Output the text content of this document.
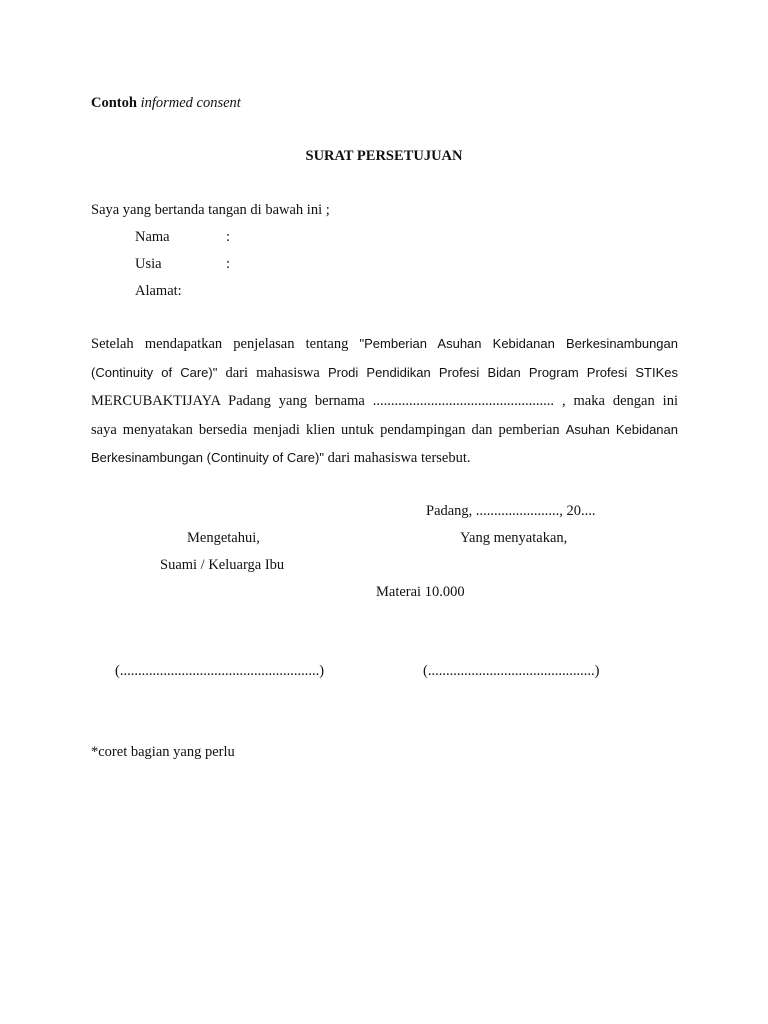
Contoh informed consent
SURAT PERSETUJUAN
Saya yang bertanda tangan di bawah ini ;
Nama	:
Usia	:
Alamat:
Setelah mendapatkan penjelasan tentang "Pemberian Asuhan Kebidanan Berkesinambungan
(Continuity of Care)" dari mahasiswa Prodi Pendidikan Profesi Bidan Program Profesi STIKes
MERCUBAKTIJAYA Padang yang bernama .................................................. , maka dengan ini
saya menyatakan bersedia menjadi klien untuk pendampingan dan pemberian Asuhan Kebidanan
Berkesinambungan (Continuity of Care)" dari mahasiswa tersebut.
Padang, ......................., 20....
Mengetahui,	Yang menyatakan,
Suami / Keluarga Ibu
Materai 10.000
(.......................................................)	(..............................................)
*coret bagian yang perlu
